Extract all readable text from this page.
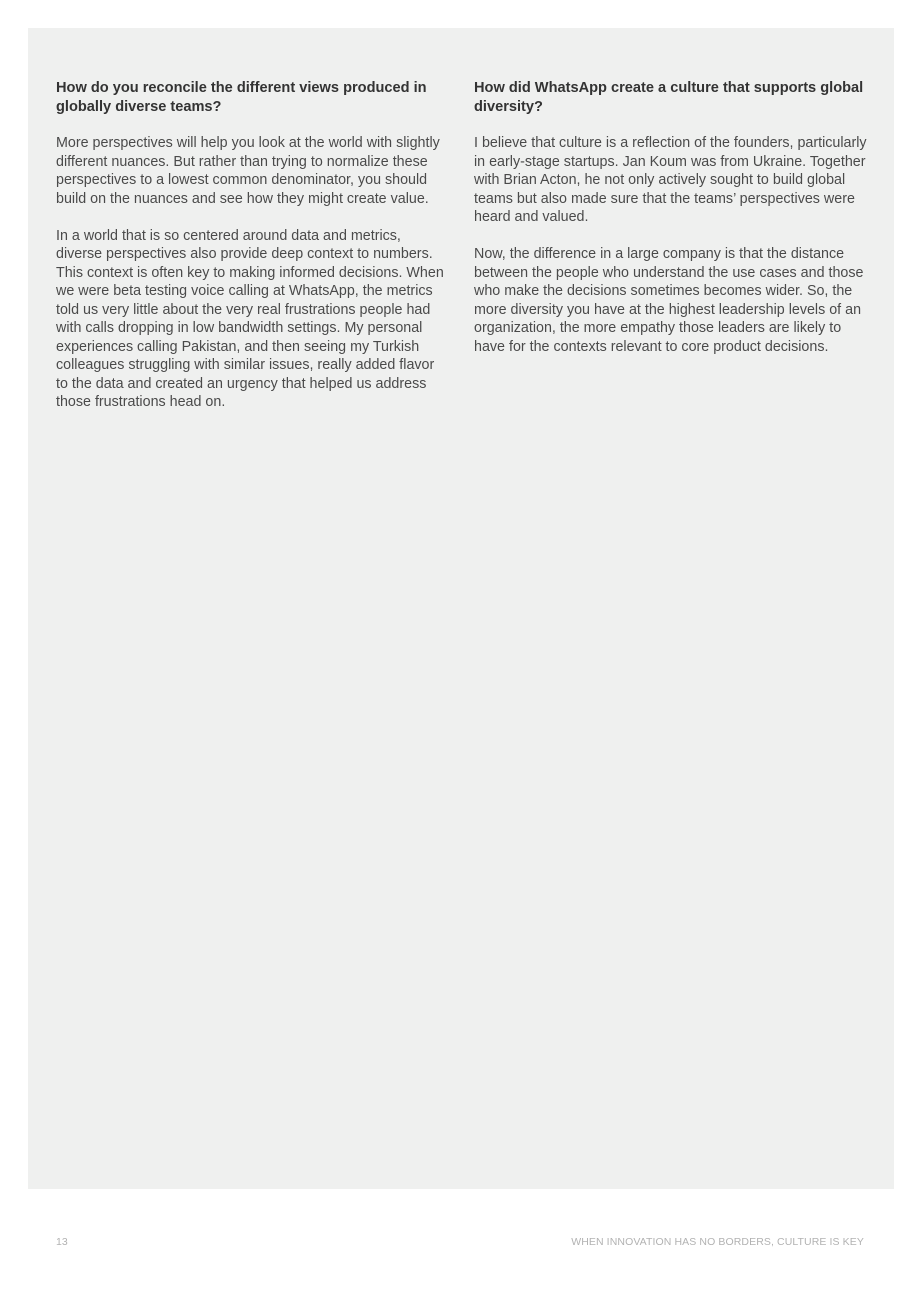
How do you reconcile the different views produced in globally diverse teams?

More perspectives will help you look at the world with slightly different nuances. But rather than trying to normalize these perspectives to a lowest common denominator, you should build on the nuances and see how they might create value.

In a world that is so centered around data and metrics, diverse perspectives also provide deep context to numbers. This context is often key to making informed decisions. When we were beta testing voice calling at WhatsApp, the metrics told us very little about the very real frustrations people had with calls dropping in low bandwidth settings. My personal experiences calling Pakistan, and then seeing my Turkish colleagues struggling with similar issues, really added flavor to the data and created an urgency that helped us address those frustrations head on.

How did WhatsApp create a culture that supports global diversity?

I believe that culture is a reflection of the founders, particularly in early-stage startups. Jan Koum was from Ukraine. Together with Brian Acton, he not only actively sought to build global teams but also made sure that the teams’ perspectives were heard and valued.

Now, the difference in a large company is that the distance between the people who understand the use cases and those who make the decisions sometimes becomes wider. So, the more diversity you have at the highest leadership levels of an organization, the more empathy those leaders are likely to have for the contexts relevant to core product decisions.

13	WHEN INNOVATION HAS NO BORDERS, CULTURE IS KEY
